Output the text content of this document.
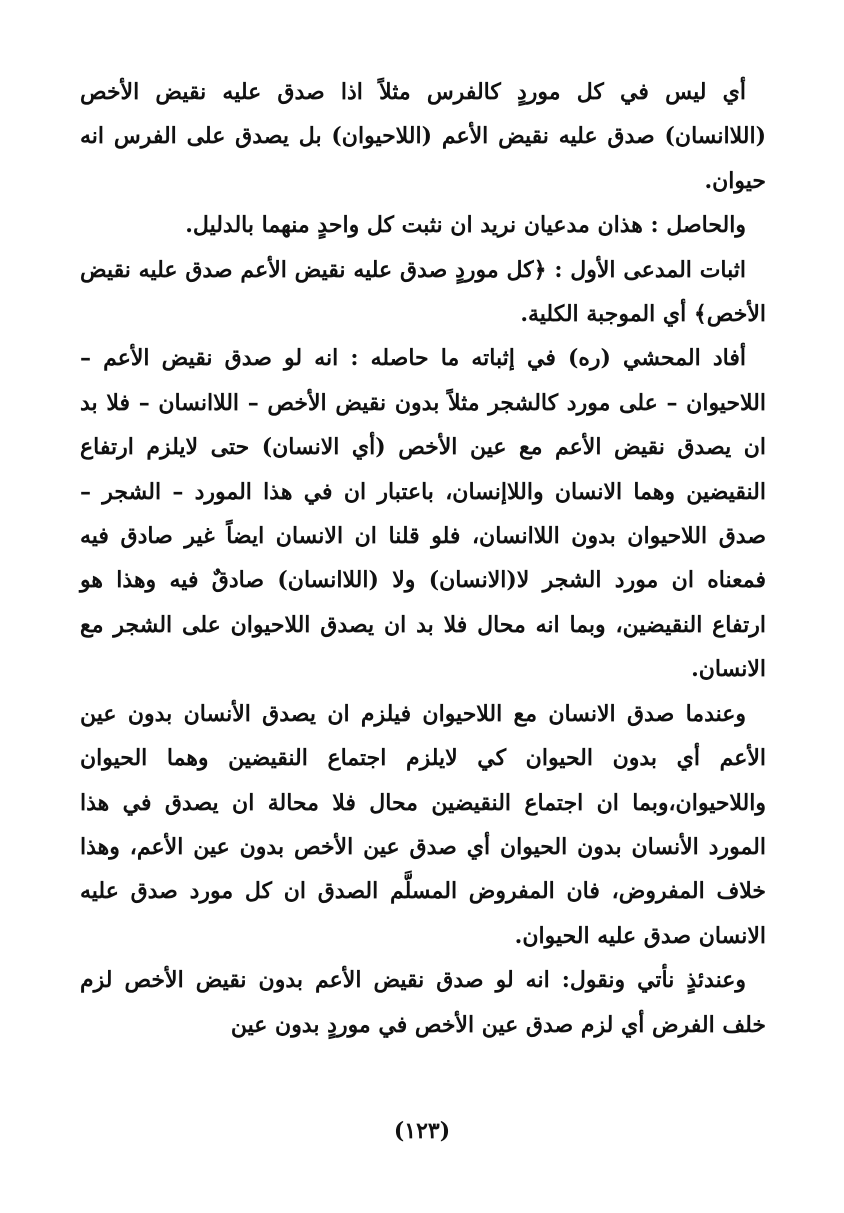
أي ليس في كل موردٍ كالفرس مثلاً اذا صدق عليه نقيض الأخص (اللاانسان) صدق عليه نقيض الأعم (اللاحيوان) بل يصدق على الفرس انه حيوان.

والحاصل : هذان مدعيان نريد ان نثبت كل واحدٍ منهما بالدليل.

اثبات المدعى الأول : ﴿كل موردٍ صدق عليه نقيض الأعم صدق عليه نقيض الأخص﴾ أي الموجبة الكلية.

أفاد المحشي (ره) في إثباته ما حاصله : انه لو صدق نقيض الأعم – اللاحيوان – على مورد كالشجر مثلاً بدون نقيض الأخص – اللاانسان – فلا بد ان يصدق نقيض الأعم مع عين الأخص (أي الانسان) حتى لايلزم ارتفاع النقيضين وهما الانسان واللاإنسان، باعتبار ان في هذا المورد – الشجر – صدق اللاحيوان بدون اللاانسان، فلو قلنا ان الانسان ايضاً غير صادق فيه فمعناه ان مورد الشجر لا(الانسان) ولا (اللاانسان) صادقٌ فيه وهذا هو ارتفاع النقيضين، وبما انه محال فلا بد ان يصدق اللاحيوان على الشجر مع الانسان.

وعندما صدق الانسان مع اللاحيوان فيلزم ان يصدق الأنسان بدون عين الأعم أي بدون الحيوان كي لايلزم اجتماع النقيضين وهما الحيوان واللاحيوان،وبما ان اجتماع النقيضين محال فلا محالة ان يصدق في هذا المورد الأنسان بدون الحيوان أي صدق عين الأخص بدون عين الأعم، وهذا خلاف المفروض، فان المفروض المسلَّم الصدق ان كل مورد صدق عليه الانسان صدق عليه الحيوان.

وعندئذٍ نأتي ونقول: انه لو صدق نقيض الأعم بدون نقيض الأخص لزم خلف الفرض أي لزم صدق عين الأخص في موردٍ بدون عين

(١٢٣)
